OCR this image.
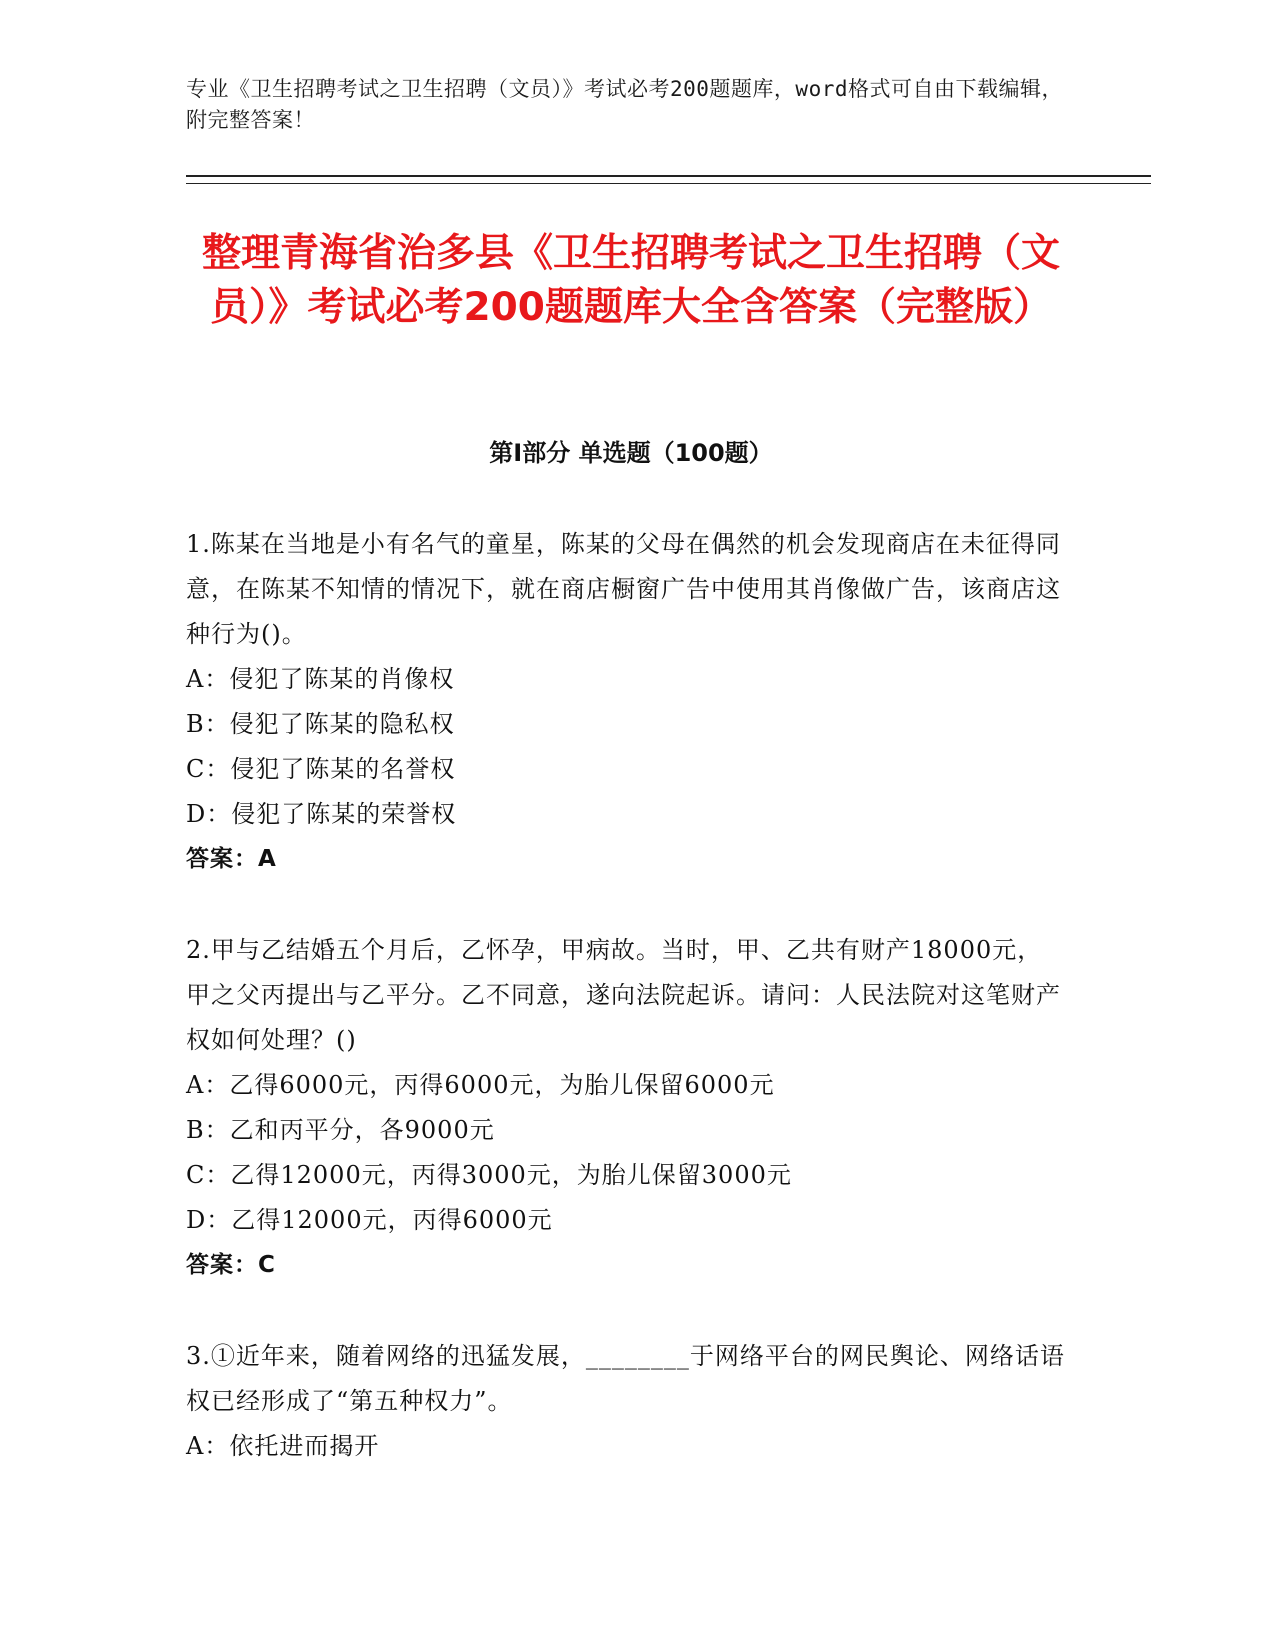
专业《卫生招聘考试之卫生招聘（文员）》考试必考200题题库，word格式可自由下载编辑，附完整答案！
整理青海省治多县《卫生招聘考试之卫生招聘（文员）》考试必考200题题库大全含答案（完整版）
第Ⅰ部分 单选题（100题）

1.陈某在当地是小有名气的童星，陈某的父母在偶然的机会发现商店在未征得同意，在陈某不知情的情况下，就在商店橱窗广告中使用其肖像做广告，该商店这种行为()。

A：侵犯了陈某的肖像权

B：侵犯了陈某的隐私权

C：侵犯了陈某的名誉权

D：侵犯了陈某的荣誉权

答案：A

2.甲与乙结婚五个月后，乙怀孕，甲病故。当时，甲、乙共有财产18000元，甲之父丙提出与乙平分。乙不同意，遂向法院起诉。请问：人民法院对这笔财产权如何处理？()

A：乙得6000元，丙得6000元，为胎儿保留6000元

B：乙和丙平分，各9000元

C：乙得12000元，丙得3000元，为胎儿保留3000元

D：乙得12000元，丙得6000元

答案：C

3.①近年来，随着网络的迅猛发展，________于网络平台的网民舆论、网络话语权已经形成了“第五种权力”。

A：依托进而揭开
